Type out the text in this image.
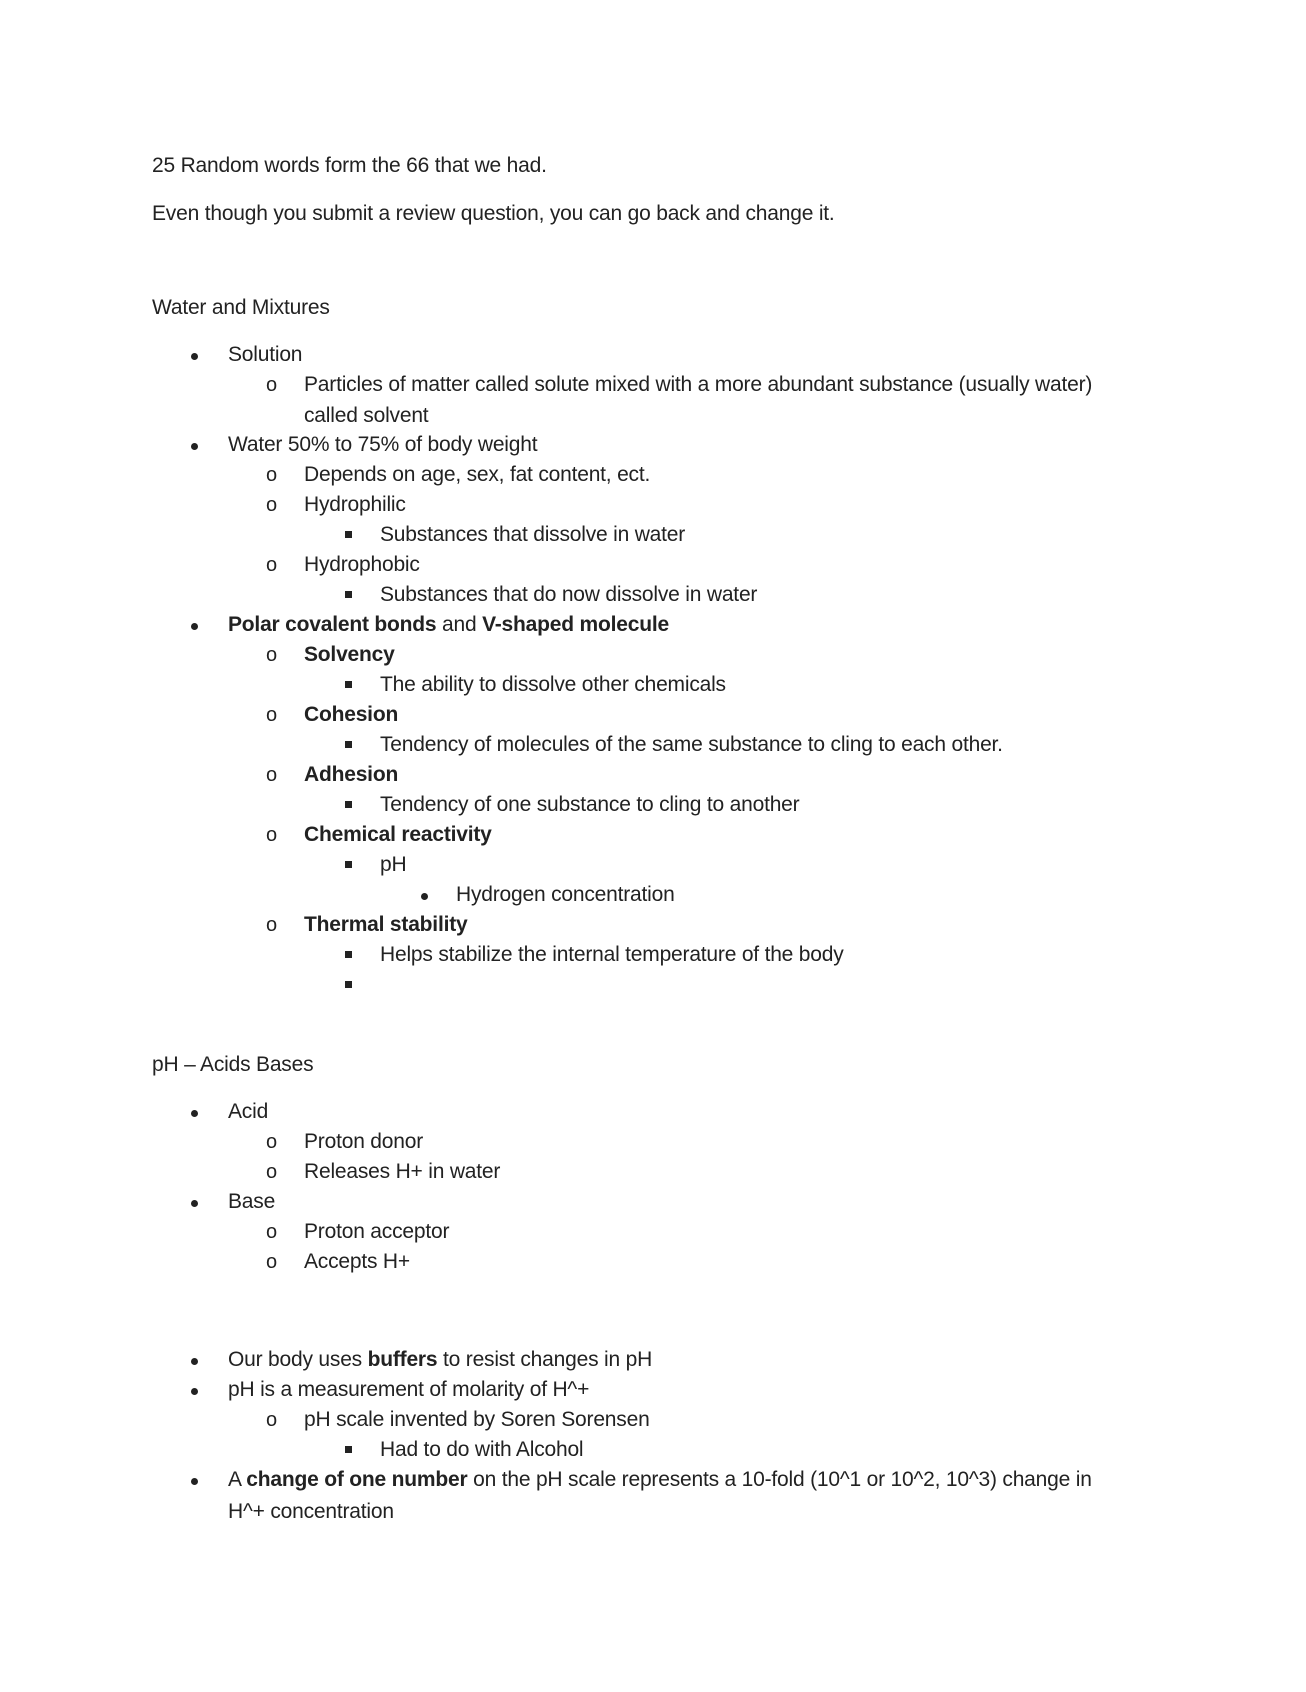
25 Random words form the 66 that we had.
Even though you submit a review question, you can go back and change it.
Water and Mixtures
Solution
o Particles of matter called solute mixed with a more abundant substance (usually water)
called solvent
Water 50% to 75% of body weight
o Depends on age, sex, fat content, ect.
o Hydrophilic
Substances that dissolve in water
o Hydrophobic
Substances that do now dissolve in water
Polar covalent bonds and V-shaped molecule
o Solvency
The ability to dissolve other chemicals
o Cohesion
Tendency of molecules of the same substance to cling to each other.
o Adhesion
Tendency of one substance to cling to another
o Chemical reactivity
pH
Hydrogen concentration
o Thermal stability
Helps stabilize the internal temperature of the body
pH – Acids Bases
Acid
o Proton donor
o Releases H+ in water
Base
o Proton acceptor
o Accepts H+
Our body uses buffers to resist changes in pH
pH is a measurement of molarity of H^+
o pH scale invented by Soren Sorensen
Had to do with Alcohol
A change of one number on the pH scale represents a 10-fold (10^1 or 10^2, 10^3) change in
H^+ concentration
